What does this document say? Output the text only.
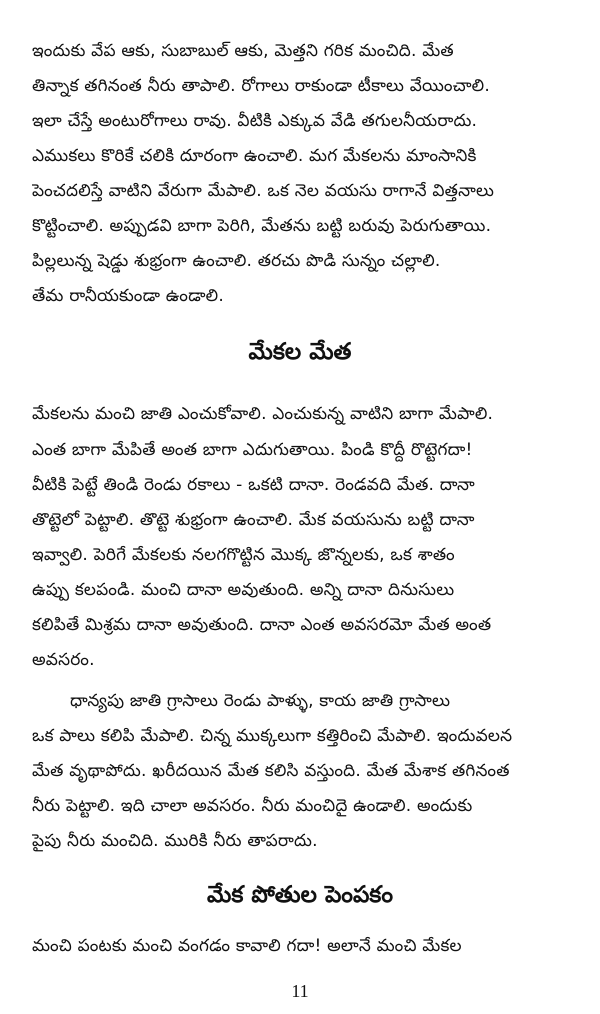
ఇందుకు వేప ఆకు, సుబాబుల్ ఆకు, మెత్తని గరిక మంచిది. మేత
తిన్నాక తగినంత నీరు తాపాలి. రోగాలు రాకుండా టీకాలు వేయించాలి.
ఇలా చేస్తే అంటురోగాలు రావు. వీటికి ఎక్కువ వేడి తగులనీయరాదు.
ఎముకలు కొరికే చలికి దూరంగా ఉంచాలి. మగ మేకలను మాంసానికి
పెంచదలిస్తే వాటిని వేరుగా మేపాలి. ఒక నెల వయసు రాగానే విత్తనాలు
కొట్టించాలి. అప్పుడవి బాగా పెరిగి, మేతను బట్టి బరువు పెరుగుతాయి.
పిల్లలున్న షెడ్డు శుభ్రంగా ఉంచాలి. తరచు పొడి సున్నం చల్లాలి.
తేమ రానీయకుండా ఉండాలి.
మేకల మేత
మేకలను మంచి జాతి ఎంచుకోవాలి. ఎంచుకున్న వాటిని బాగా మేపాలి.
ఎంత బాగా మేపితే అంత బాగా ఎదుగుతాయి. పిండి కొద్దీ రొట్టెగదా!
వీటికి పెట్టే తిండి రెండు రకాలు - ఒకటి దానా. రెండవది మేత. దానా
తొట్టెలో పెట్టాలి. తొట్టె శుభ్రంగా ఉంచాలి. మేక వయసును బట్టి దానా
ఇవ్వాలి. పెరిగే మేకలకు నలగగొట్టిన మొక్క జొన్నలకు, ఒక శాతం
ఉప్పు కలపండి. మంచి దానా అవుతుంది. అన్ని దానా దినుసులు
కలిపితే మిశ్రమ దానా అవుతుంది. దానా ఎంత అవసరమో మేత అంత
అవసరం.
ధాన్యపు జాతి గ్రాసాలు రెండు పాళ్ళు, కాయ జాతి గ్రాసాలు
ఒక పాలు కలిపి మేపాలి. చిన్న ముక్కలుగా కత్తిరించి మేపాలి. ఇందువలన
మేత వృథాపోదు. ఖరీదయిన మేత కలిసి వస్తుంది. మేత మేశాక తగినంత
నీరు పెట్టాలి. ఇది చాలా అవసరం. నీరు మంచిదై ఉండాలి. అందుకు
పైపు నీరు మంచిది. మురికి నీరు తాపరాదు.
మేక పోతుల పెంపకం
మంచి పంటకు మంచి వంగడం కావాలి గదా! అలానే మంచి మేకల
11
